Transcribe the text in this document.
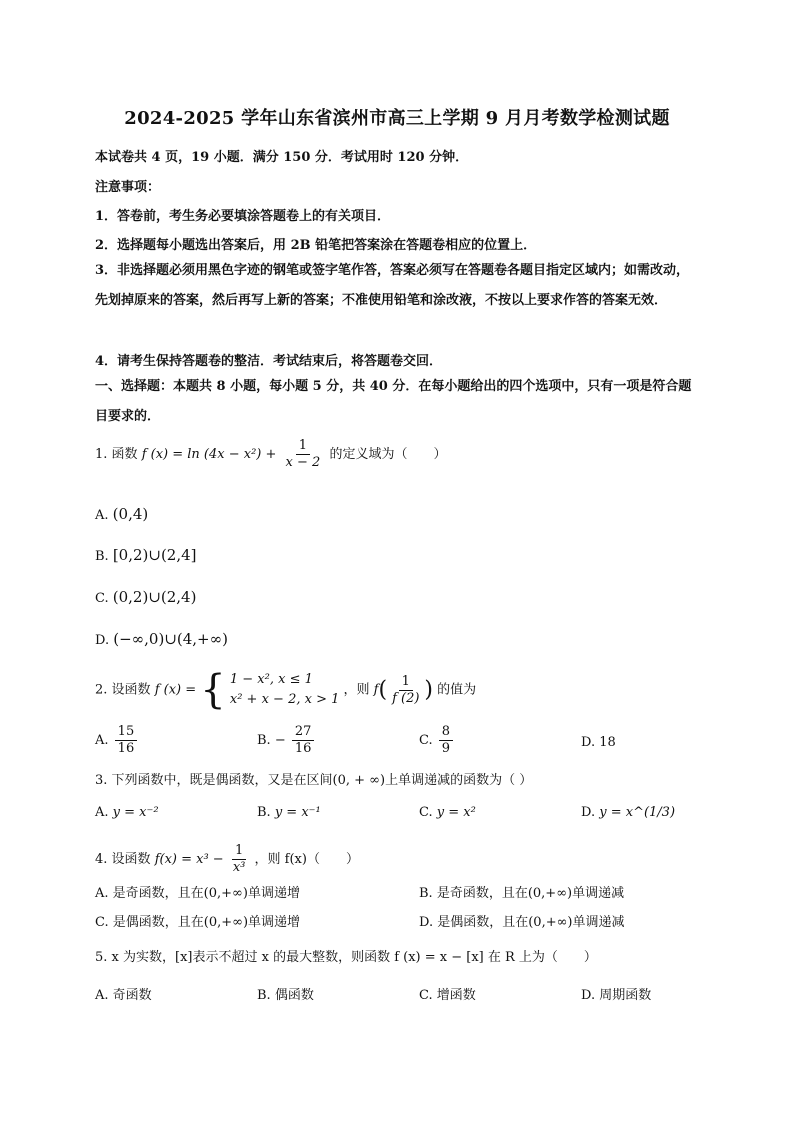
2024-2025 学年山东省滨州市高三上学期 9 月月考数学检测试题
本试卷共 4 页，19 小题．满分 150 分．考试用时 120 分钟．
注意事项：
1．答卷前，考生务必要填涂答题卷上的有关项目．
2．选择题每小题选出答案后，用 2B 铅笔把答案涂在答题卷相应的位置上．
3．非选择题必须用黑色字迹的钢笔或签字笔作答，答案必须写在答题卷各题目指定区域内；如需改动，先划掉原来的答案，然后再写上新的答案；不准使用铅笔和涂改液，不按以上要求作答的答案无效．
4．请考生保持答题卷的整洁．考试结束后，将答题卷交回．
一、选择题：本题共 8 小题，每小题 5 分，共 40 分．在每小题给出的四个选项中，只有一项是符合题目要求的．
1. 函数 f $(x) = \ln (4x - x^2) + \frac{1}{x - 2}$ 的定义域为（　　）
A. (0,4)
B. [0,2)∪(2,4]
C. (0,2)∪(2,4)
D. (−∞,0)∪(4,+∞)
2. 设函数 f (x) = { 1 − x², x ≤ 1
x² + x − 2, x > 1
，则 $f( \frac{1}{f (2)}$ ) 的值为
A. $\frac{15}{16}$	B. − $\frac{27}{16}$	C. $\frac{8}{9}$	D. 18
3. 下列函数中，既是偶函数，又是在区间(0, + ∞)上单调递减的函数为（ ）
A. y = x⁻²	B. y = x⁻¹	C. y = x²	D. y = x^(1/3)
4. 设函数 $f(x) = x^3 - \frac{1}{\text{x³}}$ ，则 f(x)（　　）
A. 是奇函数，且在(0,+∞)单调递增	B. 是奇函数，且在(0,+∞)单调递减
C. 是偶函数，且在(0,+∞)单调递增	D. 是偶函数，且在(0,+∞)单调递减
5. x 为实数，[x]表示不超过 x 的最大整数，则函数 f (x) = x − [x] 在 R 上为（　　）
A. 奇函数	B. 偶函数	C. 增函数	D. 周期函数
